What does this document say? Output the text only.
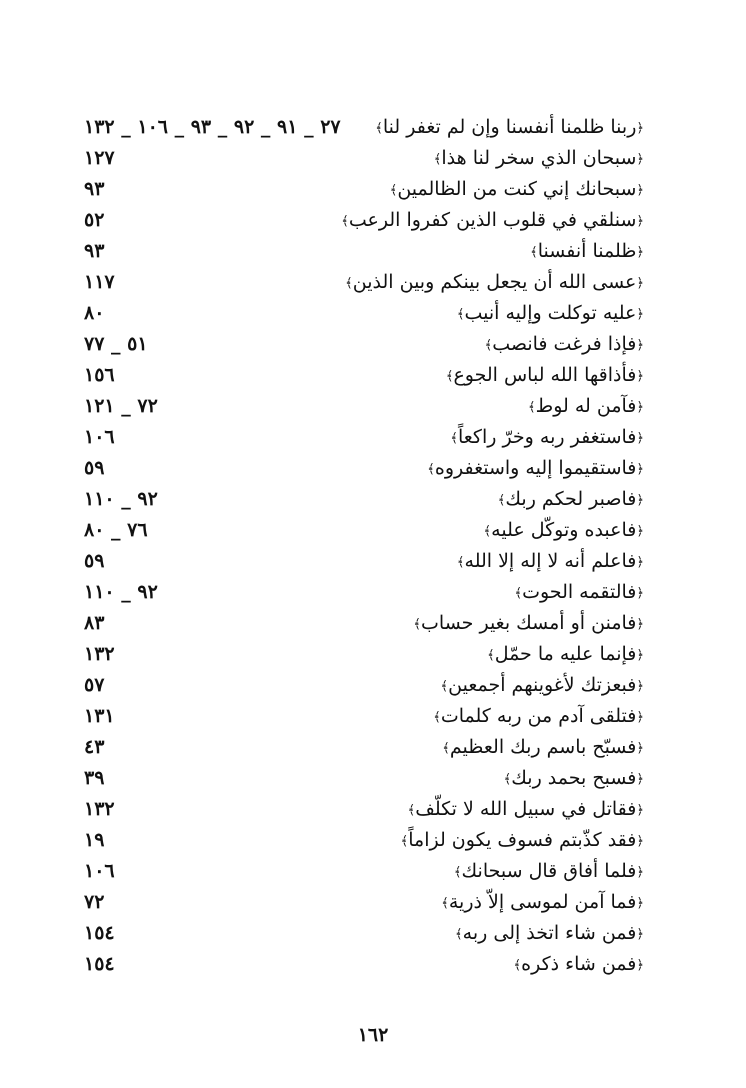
﴿ربنا ظلمنا أنفسنا وإن لم تغفر لنا﴾
٢٧ _ ٩١ _ ٩٢ _ ٩٣ _ ١٠٦ _ ١٣٢
﴿سبحان الذي سخر لنا هذا﴾
١٢٧
﴿سبحانك إني كنت من الظالمين﴾
٩٣
﴿سنلقي في قلوب الذين كفروا الرعب﴾
٥٢
﴿ظلمنا أنفسنا﴾
٩٣
﴿عسى الله أن يجعل بينكم وبين الذين﴾
١١٧
﴿عليه توكلت وإليه أنيب﴾
٨٠
﴿فإذا فرغت فانصب﴾
٥١ _ ٧٧
﴿فأذاقها الله لباس الجوع﴾
١٥٦
﴿فآمن له لوط﴾
٧٢ _ ١٢١
﴿فاستغفر ربه وخرّ راكعاً﴾
١٠٦
﴿فاستقيموا إليه واستغفروه﴾
٥٩
﴿فاصبر لحكم ربك﴾
٩٢ _ ١١٠
﴿فاعبده وتوكّل عليه﴾
٧٦ _ ٨٠
﴿فاعلم أنه لا إله إلا الله﴾
٥٩
﴿فالتقمه الحوت﴾
٩٢ _ ١١٠
﴿فامنن أو أمسك بغير حساب﴾
٨٣
﴿فإنما عليه ما حمّل﴾
١٣٢
﴿فبعزتك لأغوينهم أجمعين﴾
٥٧
﴿فتلقى آدم من ربه كلمات﴾
١٣١
﴿فسبّح باسم ربك العظيم﴾
٤٣
﴿فسبح بحمد ربك﴾
٣٩
﴿فقاتل في سبيل الله لا تكلّف﴾
١٣٢
﴿فقد كذّبتم فسوف يكون لزاماً﴾
١٩
﴿فلما أفاق قال سبحانك﴾
١٠٦
﴿فما آمن لموسى إلاّ ذرية﴾
٧٢
﴿فمن شاء اتخذ إلى ربه﴾
١٥٤
﴿فمن شاء ذكره﴾
١٥٤
١٦٢
